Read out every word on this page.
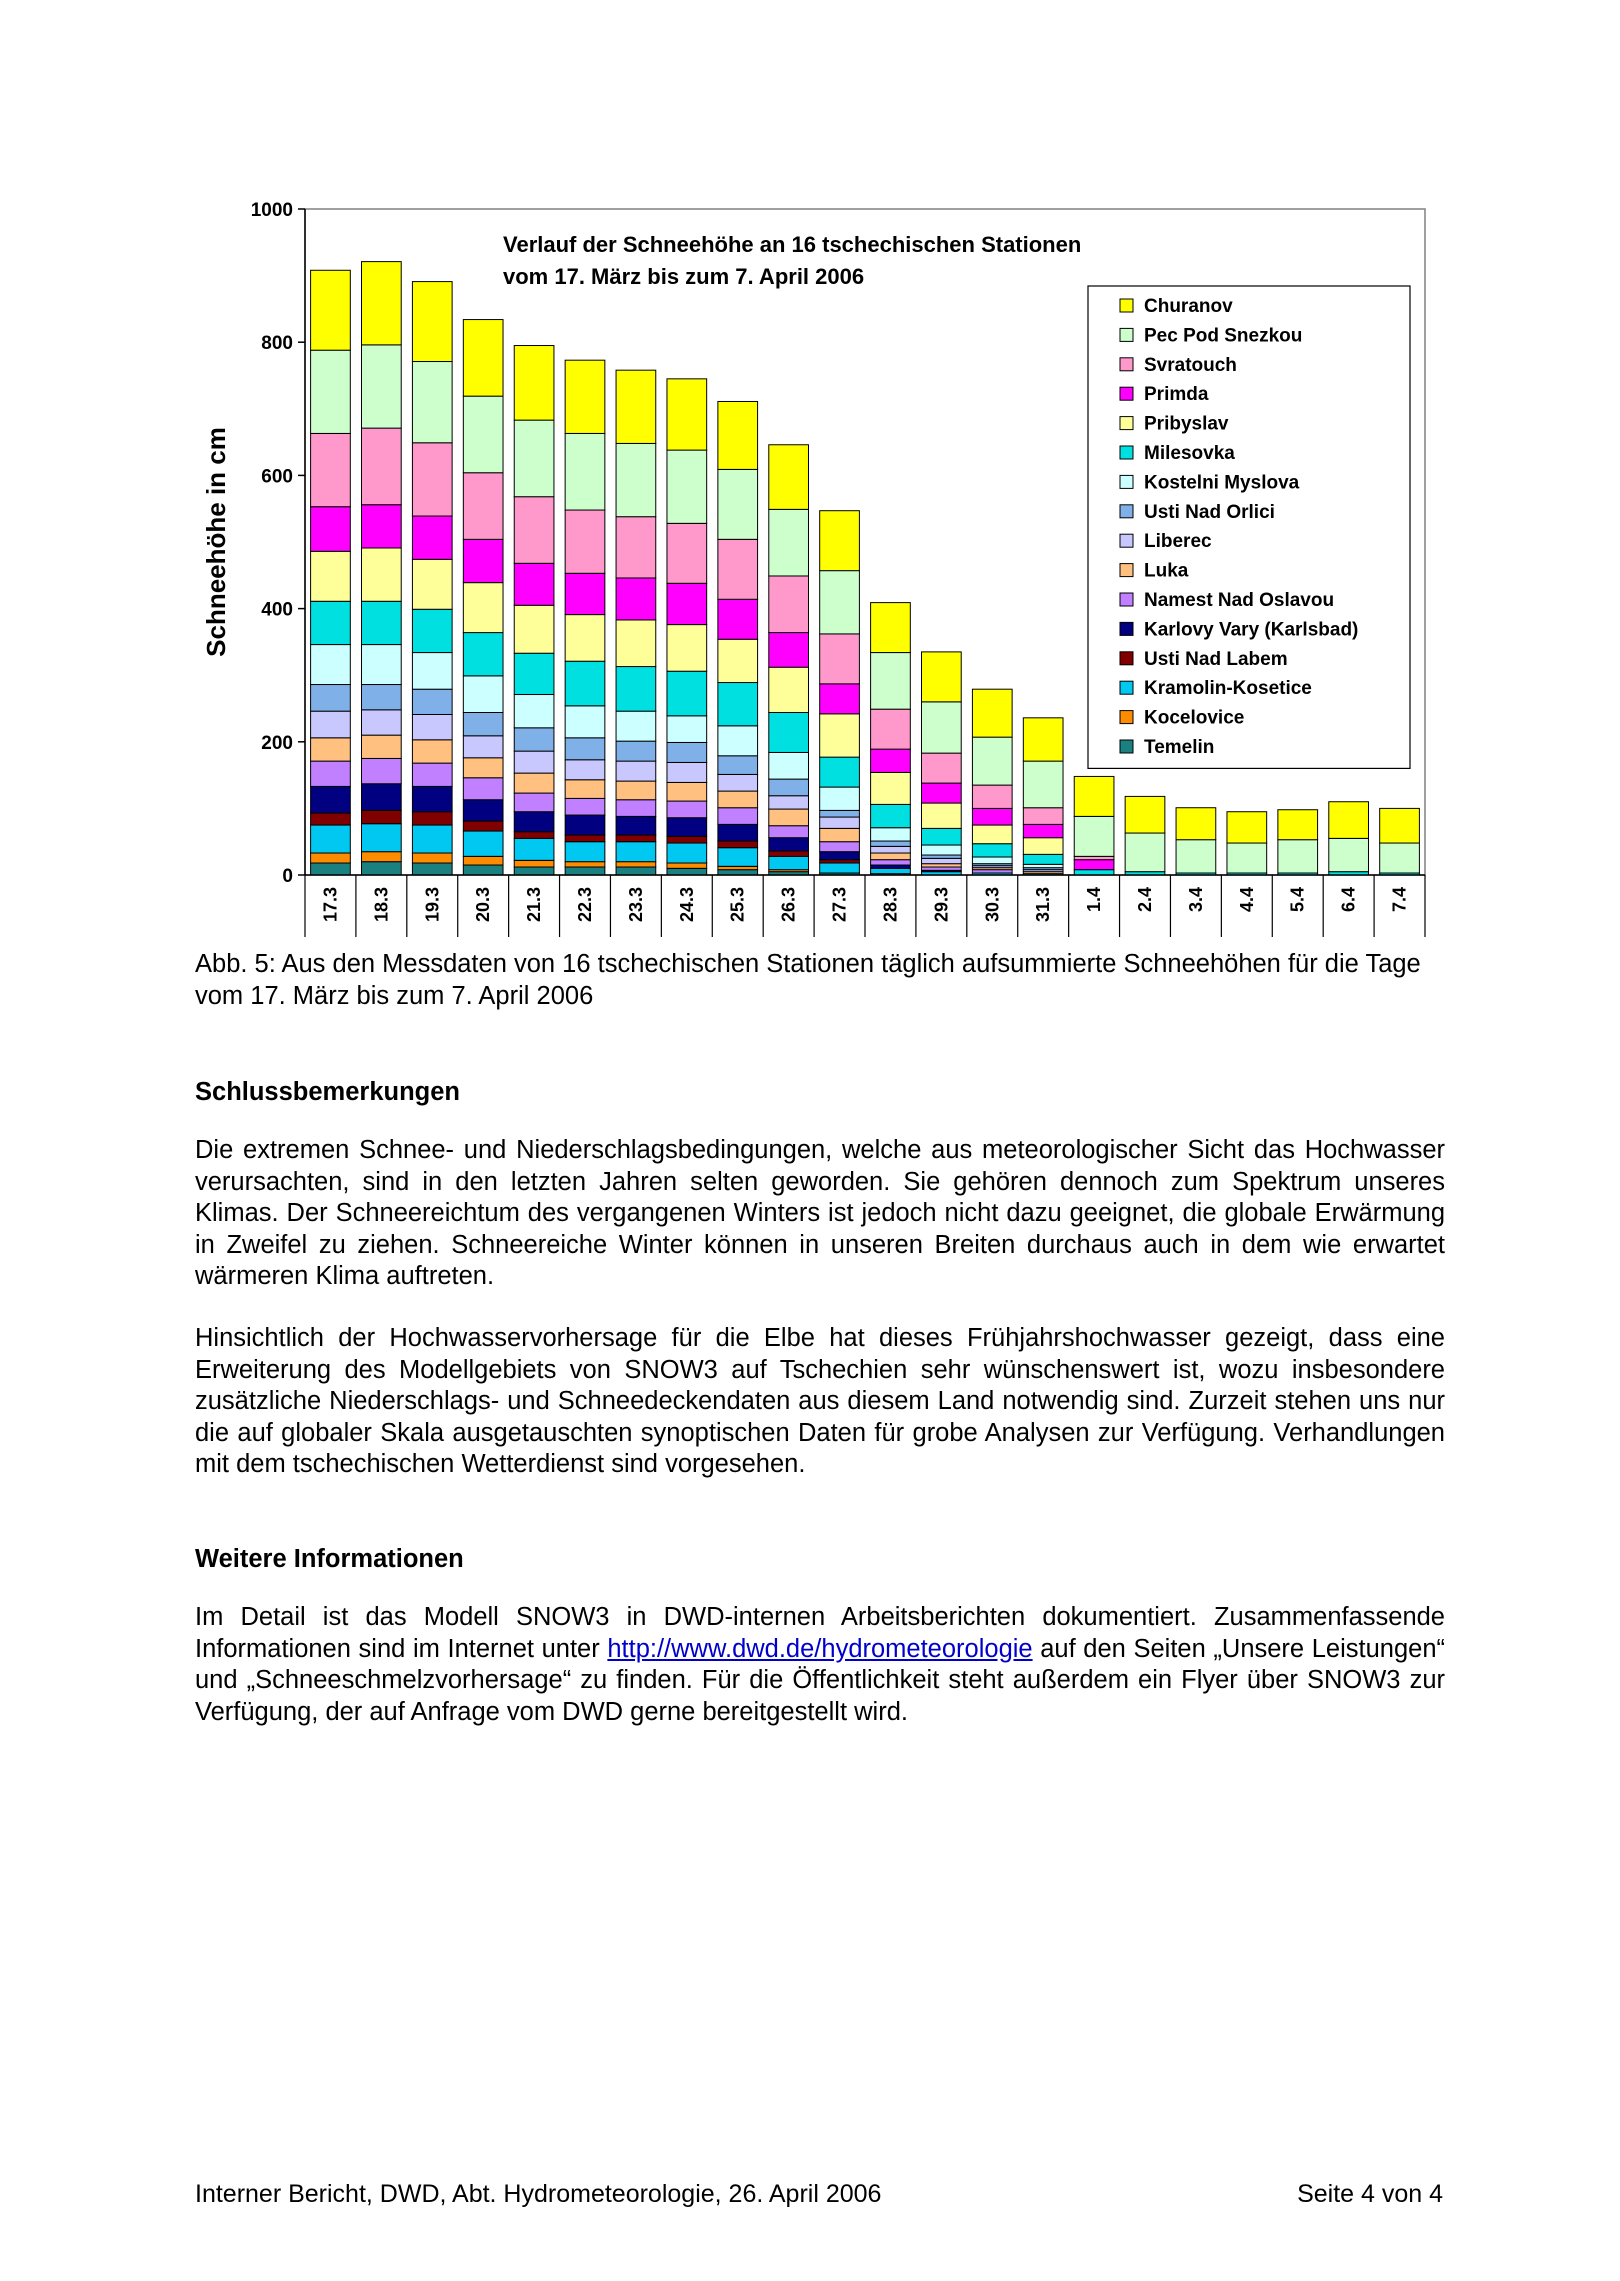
0
200
400
600
800
1000
Schneehöhe in cm
17.3 18.3 19.3 20.3 21.3 22.3 23.3 24.3 25.3 26.3 27.3 28.3 29.3 30.3 31.3 1.4 2.4 3.4 4.4 5.4 6.4 7.4
Verlauf der Schneehöhe an 16 tschechischen Stationen
vom 17. März bis zum 7. April 2006
Churanov
Pec Pod Snezkou
Svratouch
Primda
Pribyslav
Milesovka
Kostelni Myslova
Usti Nad Orlici
Liberec
Luka
Namest Nad Oslavou
Karlovy Vary (Karlsbad)
Usti Nad Labem
Kramolin-Kosetice
Kocelovice
Temelin
Abb. 5: Aus den Messdaten von 16 tschechischen Stationen täglich aufsummierte Schneehöhen für die Tage vom 17. März bis zum 7. April 2006
Schlussbemerkungen
Die extremen Schnee- und Niederschlagsbedingungen, welche aus meteorologischer Sicht das Hochwasser verursachten, sind in den letzten Jahren selten geworden. Sie gehören dennoch zum Spektrum unseres Klimas. Der Schneereichtum des vergangenen Winters ist jedoch nicht dazu geeignet, die globale Erwärmung in Zweifel zu ziehen. Schneereiche Winter können in unseren Breiten durchaus auch in dem wie erwartet wärmeren Klima auftreten.
Hinsichtlich der Hochwasservorhersage für die Elbe hat dieses Frühjahrshochwasser gezeigt, dass eine Erweiterung des Modellgebiets von SNOW3 auf Tschechien sehr wünschenswert ist, wozu insbesondere zusätzliche Niederschlags- und Schneedeckendaten aus diesem Land notwendig sind. Zurzeit stehen uns nur die auf globaler Skala ausgetauschten synoptischen Daten für grobe Analysen zur Verfügung. Verhandlungen mit dem tschechischen Wetterdienst sind vorgesehen.
Weitere Informationen
Im Detail ist das Modell SNOW3 in DWD-internen Arbeitsberichten dokumentiert. Zusammenfassende Informationen sind im Internet unter http://www.dwd.de/hydrometeorologie auf den Seiten „Unsere Leistungen“ und „Schneeschmelzvorhersage“ zu finden. Für die Öffentlichkeit steht außerdem ein Flyer über SNOW3 zur Verfügung, der auf Anfrage vom DWD gerne bereitgestellt wird.
Interner Bericht, DWD, Abt. Hydrometeorologie, 26. April 2006	Seite 4 von 4
